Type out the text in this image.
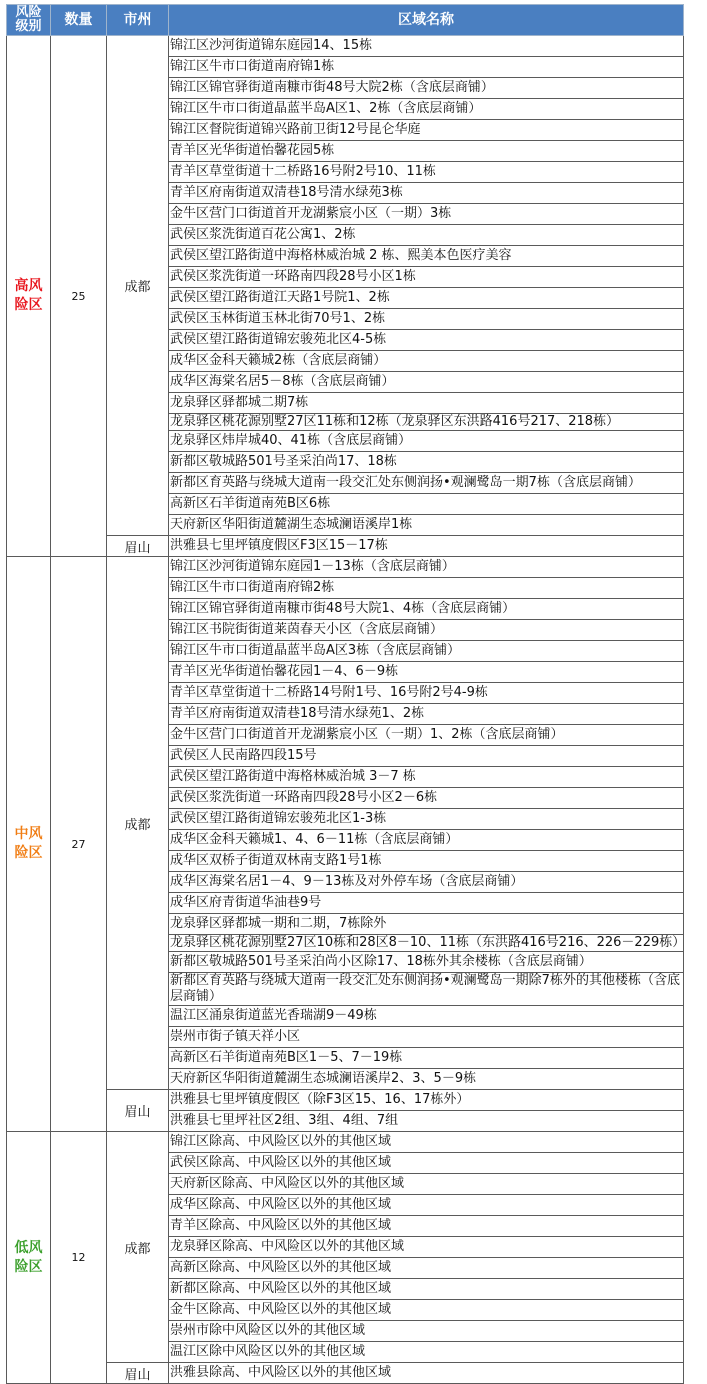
风险
级别	数量	市州	区域名称

高风
险区	25	成都	锦江区沙河街道锦东庭园14、15栋
			锦江区牛市口街道南府锦1栋
			锦江区锦官驿街道南糠市街48号大院2栋（含底层商铺）
			锦江区牛市口街道晶蓝半岛A区1、2栋（含底层商铺）
			锦江区督院街道锦兴路前卫街12号昆仑华庭
			青羊区光华街道怡馨花园5栋
			青羊区草堂街道十二桥路16号附2号10、11栋
			青羊区府南街道双清巷18号清水绿苑3栋
			金牛区营门口街道首开龙湖紫宸小区（一期）3栋
			武侯区浆洗街道百花公寓1、2栋
			武侯区望江路街道中海格林威治城 2 栋、熙美本色医疗美容
			武侯区浆洗街道一环路南四段28号小区1栋
			武侯区望江路街道江天路1号院1、2栋
			武侯区玉林街道玉林北街70号1、2栋
			武侯区望江路街道锦宏骏苑北区4-5栋
			成华区金科天籁城2栋（含底层商铺）
			成华区海棠名居5－8栋（含底层商铺）
			龙泉驿区驿都城二期7栋
			龙泉驿区桃花源别墅27区11栋和12栋（龙泉驿区东洪路416号217、218栋）
			龙泉驿区炜岸城40、41栋（含底层商铺）
			新都区敬城路501号圣采泊尚17、18栋
			新都区育英路与绕城大道南一段交汇处东侧润扬•观澜鹭岛一期7栋（含底层商铺）
			高新区石羊街道南苑B区6栋
			天府新区华阳街道麓湖生态城澜语溪岸1栋
		眉山	洪雅县七里坪镇度假区F3区15－17栋

中风
险区	27	成都	锦江区沙河街道锦东庭园1－13栋（含底层商铺）
			锦江区牛市口街道南府锦2栋
			锦江区锦官驿街道南糠市街48号大院1、4栋（含底层商铺）
			锦江区书院街街道莱茵春天小区（含底层商铺）
			锦江区牛市口街道晶蓝半岛A区3栋（含底层商铺）
			青羊区光华街道怡馨花园1－4、6－9栋
			青羊区草堂街道十二桥路14号附1号、16号附2号4-9栋
			青羊区府南街道双清巷18号清水绿苑1、2栋
			金牛区营门口街道首开龙湖紫宸小区（一期）1、2栋（含底层商铺）
			武侯区人民南路四段15号
			武侯区望江路街道中海格林威治城 3－7 栋
			武侯区浆洗街道一环路南四段28号小区2－6栋
			武侯区望江路街道锦宏骏苑北区1-3栋
			成华区金科天籁城1、4、6－11栋（含底层商铺）
			成华区双桥子街道双林南支路1号1栋
			成华区海棠名居1－4、9－13栋及对外停车场（含底层商铺）
			成华区府青街道华油巷9号
			龙泉驿区驿都城一期和二期，7栋除外
			龙泉驿区桃花源别墅27区10栋和28区8－10、11栋（东洪路416号216、226－229栋）
			新都区敬城路501号圣采泊尚小区除17、18栋外其余楼栋（含底层商铺）
			新都区育英路与绕城大道南一段交汇处东侧润扬•观澜鹭岛一期除7栋外的其他楼栋（含底层商铺）
			温江区涌泉街道蓝光香瑞湖9－49栋
			崇州市街子镇天祥小区
			高新区石羊街道南苑B区1－5、7－19栋
			天府新区华阳街道麓湖生态城澜语溪岸2、3、5－9栋
		眉山	洪雅县七里坪镇度假区（除F3区15、16、17栋外）
			洪雅县七里坪社区2组、3组、4组、7组

低风
险区	12	成都	锦江区除高、中风险区以外的其他区域
			武侯区除高、中风险区以外的其他区域
			天府新区除高、中风险区以外的其他区域
			成华区除高、中风险区以外的其他区域
			青羊区除高、中风险区以外的其他区域
			龙泉驿区除高、中风险区以外的其他区域
			高新区除高、中风险区以外的其他区域
			新都区除高、中风险区以外的其他区域
			金牛区除高、中风险区以外的其他区域
			崇州市除中风险区以外的其他区域
			温江区除中风险区以外的其他区域
		眉山	洪雅县除高、中风险区以外的其他区域
